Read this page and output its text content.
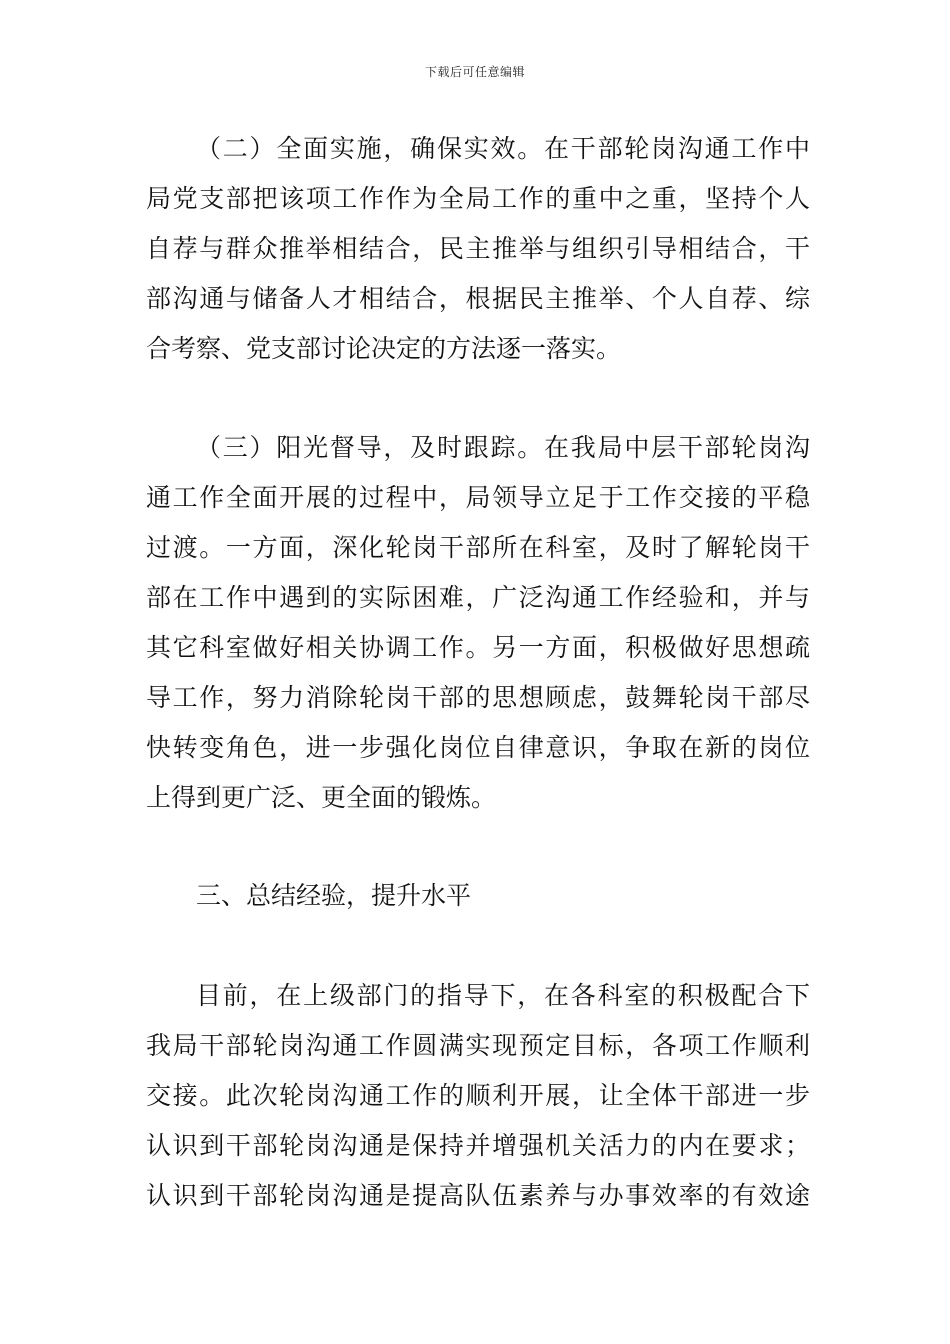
下载后可任意编辑
（二）全面实施，确保实效。在干部轮岗沟通工作中
局党支部把该项工作作为全局工作的重中之重，坚持个人
自荐与群众推举相结合，民主推举与组织引导相结合，干
部沟通与储备人才相结合，根据民主推举、个人自荐、综
合考察、党支部讨论决定的方法逐一落实。
（三）阳光督导，及时跟踪。在我局中层干部轮岗沟
通工作全面开展的过程中，局领导立足于工作交接的平稳
过渡。一方面，深化轮岗干部所在科室，及时了解轮岗干
部在工作中遇到的实际困难，广泛沟通工作经验和，并与
其它科室做好相关协调工作。另一方面，积极做好思想疏
导工作，努力消除轮岗干部的思想顾虑，鼓舞轮岗干部尽
快转变角色，进一步强化岗位自律意识，争取在新的岗位
上得到更广泛、更全面的锻炼。
三、总结经验，提升水平
目前，在上级部门的指导下，在各科室的积极配合下
我局干部轮岗沟通工作圆满实现预定目标，各项工作顺利
交接。此次轮岗沟通工作的顺利开展，让全体干部进一步
认识到干部轮岗沟通是保持并增强机关活力的内在要求；
认识到干部轮岗沟通是提高队伍素养与办事效率的有效途
